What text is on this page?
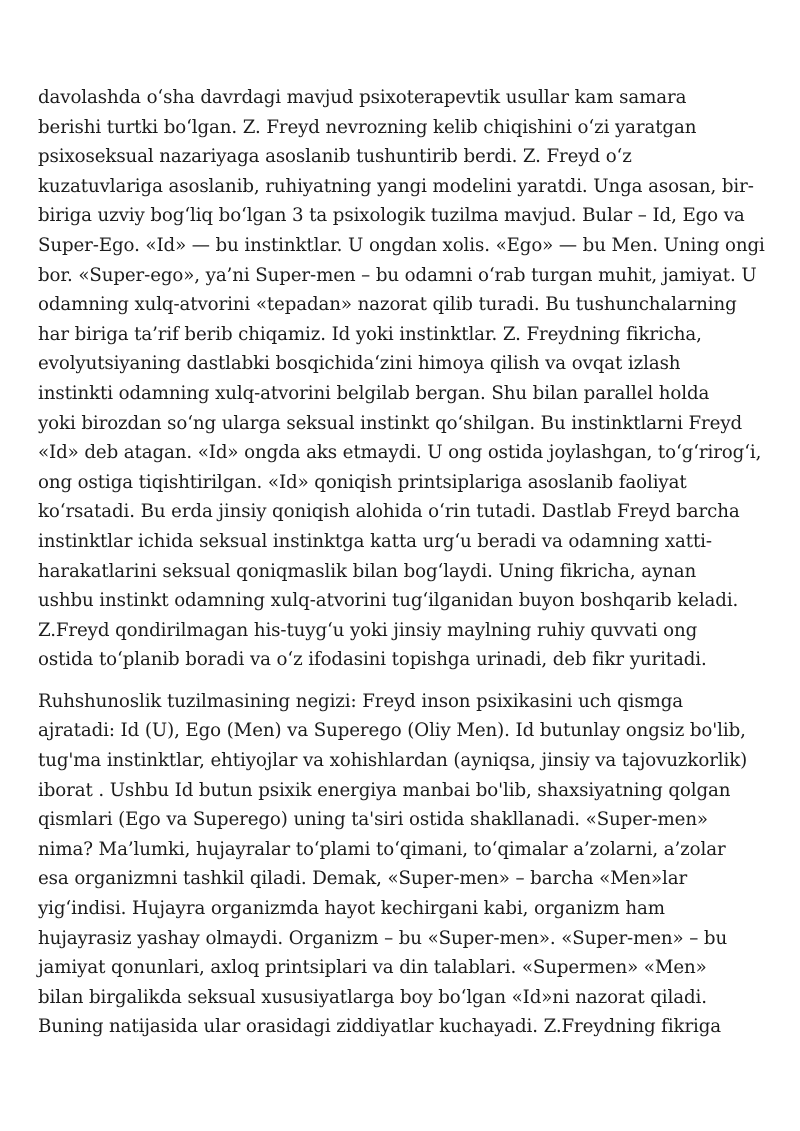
davolashda oʻsha davrdagi mavjud psixoterapevtik usullar kam samara
berishi turtki boʻlgan. Z. Freyd nevrozning kelib chiqishini oʻzi yaratgan
psixoseksual nazariyaga asoslanib tushuntirib berdi. Z. Freyd oʻz
kuzatuvlariga asoslanib, ruhiyatning yangi modelini yaratdi. Unga asosan, bir-
biriga uzviy bogʻliq boʻlgan 3 ta psixologik tuzilma mavjud. Bular – Id, Ego va
Super-Ego. «Id» — bu instinktlar. U ongdan xolis. «Ego» — bu Men. Uning ongi
bor. «Super-ego», ya’ni Super-men – bu odamni oʻrab turgan muhit, jamiyat. U
odamning xulq-atvorini «tepadan» nazorat qilib turadi. Bu tushunchalarning
har biriga ta’rif berib chiqamiz. Id yoki instinktlar. Z. Freydning fikricha,
evolyutsiyaning dastlabki bosqichidaʻzini himoya qilish va ovqat izlash
instinkti odamning xulq-atvorini belgilab bergan. Shu bilan parallel holda
yoki birozdan soʻng ularga seksual instinkt qoʻshilgan. Bu instinktlarni Freyd
«Id» deb atagan. «Id» ongda aks etmaydi. U ong ostida joylashgan, toʻgʻrirogʻi,
ong ostiga tiqishtirilgan. «Id» qoniqish printsiplariga asoslanib faoliyat
koʻrsatadi. Bu erda jinsiy qoniqish alohida oʻrin tutadi. Dastlab Freyd barcha
instinktlar ichida seksual instinktga katta urgʻu beradi va odamning xatti-
harakatlarini seksual qoniqmaslik bilan bogʻlaydi. Uning fikricha, aynan
ushbu instinkt odamning xulq-atvorini tugʻilganidan buyon boshqarib keladi.
Z.Freyd qondirilmagan his-tuygʻu yoki jinsiy maylning ruhiy quvvati ong
ostida toʻplanib boradi va oʻz ifodasini topishga urinadi, deb fikr yuritadi.

Ruhshunoslik tuzilmasining negizi: Freyd inson psixikasini uch qismga
ajratadi: Id (U), Ego (Men) va Superego (Oliy Men). Id butunlay ongsiz bo'lib,
tug'ma instinktlar, ehtiyojlar va xohishlardan (ayniqsa, jinsiy va tajovuzkorlik)
iborat . Ushbu Id butun psixik energiya manbai bo'lib, shaxsiyatning qolgan
qismlari (Ego va Superego) uning ta'siri ostida shakllanadi. «Super-men»
nima? Ma’lumki, hujayralar toʻplami toʻqimani, toʻqimalar a’zolarni, a’zolar
esa organizmni tashkil qiladi. Demak, «Super-men» – barcha «Men»lar
yigʻindisi. Hujayra organizmda hayot kechirgani kabi, organizm ham
hujayrasiz yashay olmaydi. Organizm – bu «Super-men». «Super-men» – bu
jamiyat qonunlari, axloq printsiplari va din talablari. «Supermen» «Men»
bilan birgalikda seksual xususiyatlarga boy boʻlgan «Id»ni nazorat qiladi.
Buning natijasida ular orasidagi ziddiyatlar kuchayadi. Z.Freydning fikriga
